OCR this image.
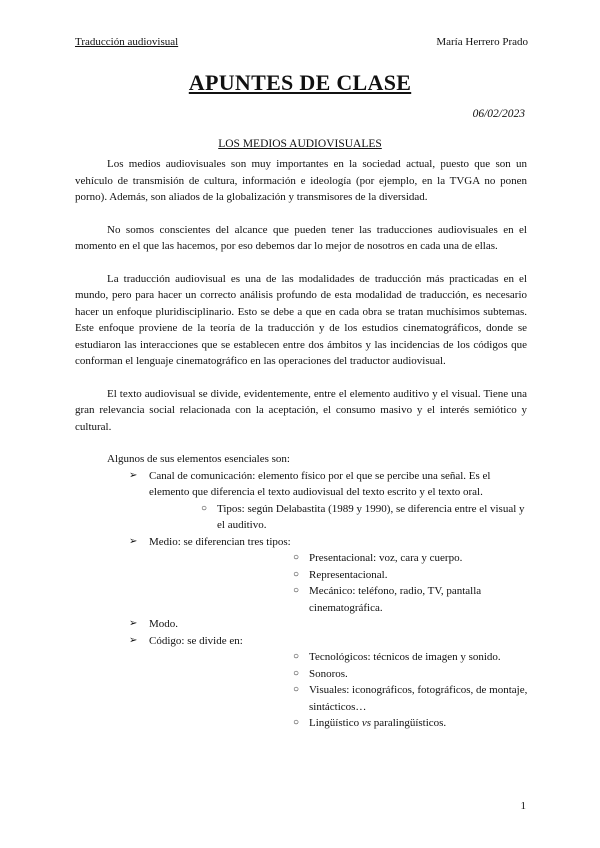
Traducción audiovisual	María Herrero Prado
APUNTES DE CLASE
06/02/2023
LOS MEDIOS AUDIOVISUALES

Los medios audiovisuales son muy importantes en la sociedad actual, puesto que son un vehículo de transmisión de cultura, información e ideología (por ejemplo, en la TVGA no ponen porno). Además, son aliados de la globalización y transmisores de la diversidad.

No somos conscientes del alcance que pueden tener las traducciones audiovisuales en el momento en el que las hacemos, por eso debemos dar lo mejor de nosotros en cada una de ellas.

La traducción audiovisual es una de las modalidades de traducción más practicadas en el mundo, pero para hacer un correcto análisis profundo de esta modalidad de traducción, es necesario hacer un enfoque pluridisciplinario. Esto se debe a que en cada obra se tratan muchísimos subtemas. Este enfoque proviene de la teoría de la traducción y de los estudios cinematográficos, donde se estudiaron las interacciones que se establecen entre dos ámbitos y las incidencias de los códigos que conforman el lenguaje cinematográfico en las operaciones del traductor audiovisual.

El texto audiovisual se divide, evidentemente, entre el elemento auditivo y el visual. Tiene una gran relevancia social relacionada con la aceptación, el consumo masivo y el interés semiótico y cultural.

Algunos de sus elementos esenciales son:
➢ Canal de comunicación: elemento físico por el que se percibe una señal. Es el elemento que diferencia el texto audiovisual del texto escrito y el texto oral.
○ Tipos: según Delabastita (1989 y 1990), se diferencia entre el visual y el auditivo.
➢ Medio: se diferencian tres tipos:
○ Presentacional: voz, cara y cuerpo.
○ Representacional.
○ Mecánico: teléfono, radio, TV, pantalla cinematográfica.
➢ Modo.
➢ Código: se divide en:
○ Tecnológicos: técnicos de imagen y sonido.
○ Sonoros.
○ Visuales: iconográficos, fotográficos, de montaje, sintácticos…
○ Lingüístico vs paralingüísticos.
1
